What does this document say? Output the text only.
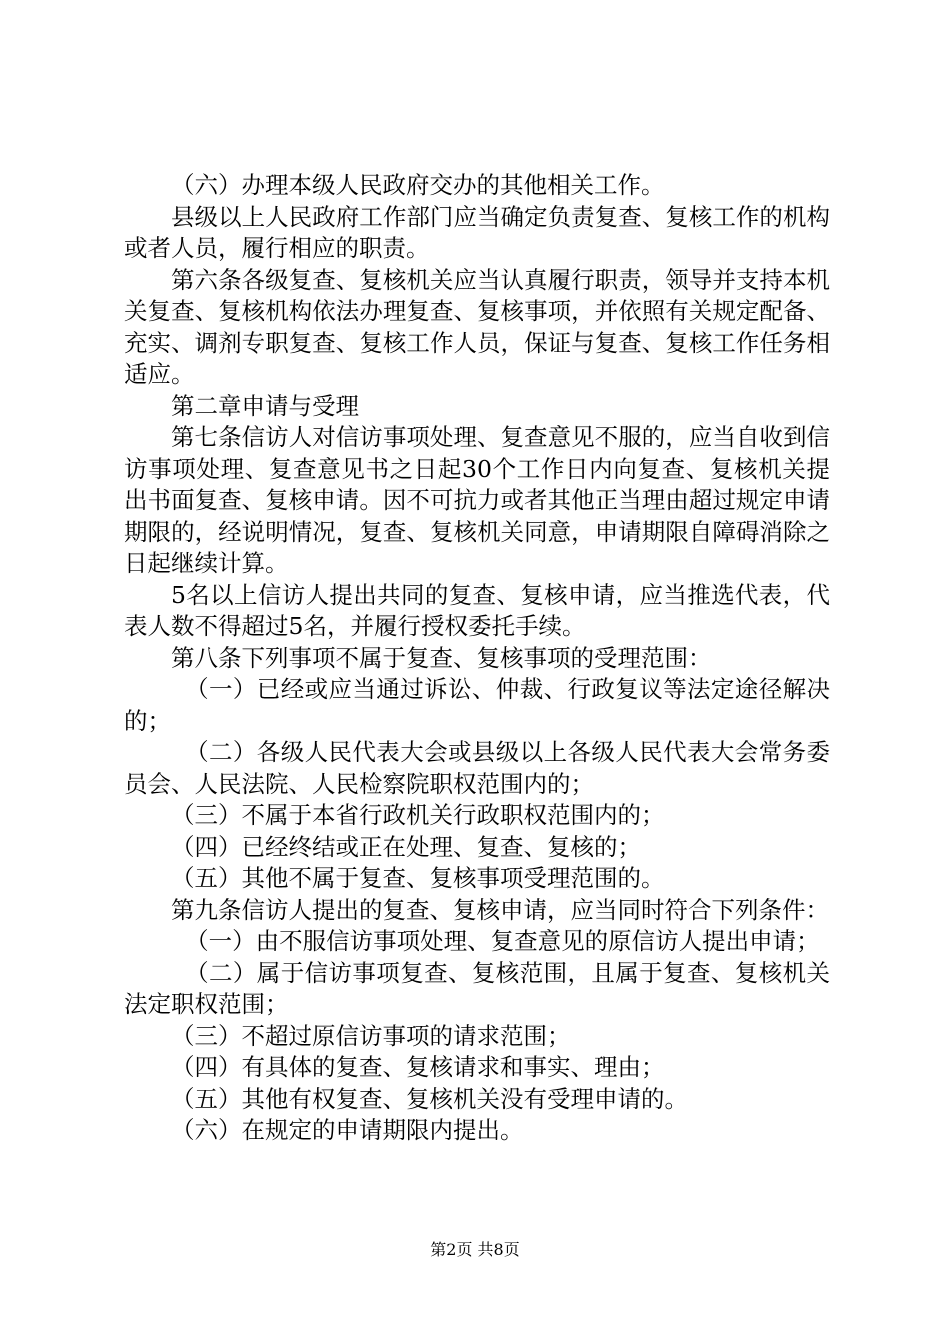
（六）办理本级人民政府交办的其他相关工作。

县级以上人民政府工作部门应当确定负责复查、复核工作的机构或者人员，履行相应的职责。

第六条各级复查、复核机关应当认真履行职责，领导并支持本机关复查、复核机构依法办理复查、复核事项，并依照有关规定配备、充实、调剂专职复查、复核工作人员，保证与复查、复核工作任务相适应。

第二章申请与受理

第七条信访人对信访事项处理、复查意见不服的，应当自收到信访事项处理、复查意见书之日起30个工作日内向复查、复核机关提出书面复查、复核申请。因不可抗力或者其他正当理由超过规定申请期限的，经说明情况，复查、复核机关同意，申请期限自障碍消除之日起继续计算。

5名以上信访人提出共同的复查、复核申请，应当推选代表，代表人数不得超过5名，并履行授权委托手续。

第八条下列事项不属于复查、复核事项的受理范围：

（一）已经或应当通过诉讼、仲裁、行政复议等法定途径解决的；

（二）各级人民代表大会或县级以上各级人民代表大会常务委员会、人民法院、人民检察院职权范围内的；

（三）不属于本省行政机关行政职权范围内的；

（四）已经终结或正在处理、复查、复核的；

（五）其他不属于复查、复核事项受理范围的。

第九条信访人提出的复查、复核申请，应当同时符合下列条件：

（一）由不服信访事项处理、复查意见的原信访人提出申请；

（二）属于信访事项复查、复核范围，且属于复查、复核机关法定职权范围；

（三）不超过原信访事项的请求范围；

（四）有具体的复查、复核请求和事实、理由；

（五）其他有权复查、复核机关没有受理申请的。

（六）在规定的申请期限内提出。

第2页 共8页
